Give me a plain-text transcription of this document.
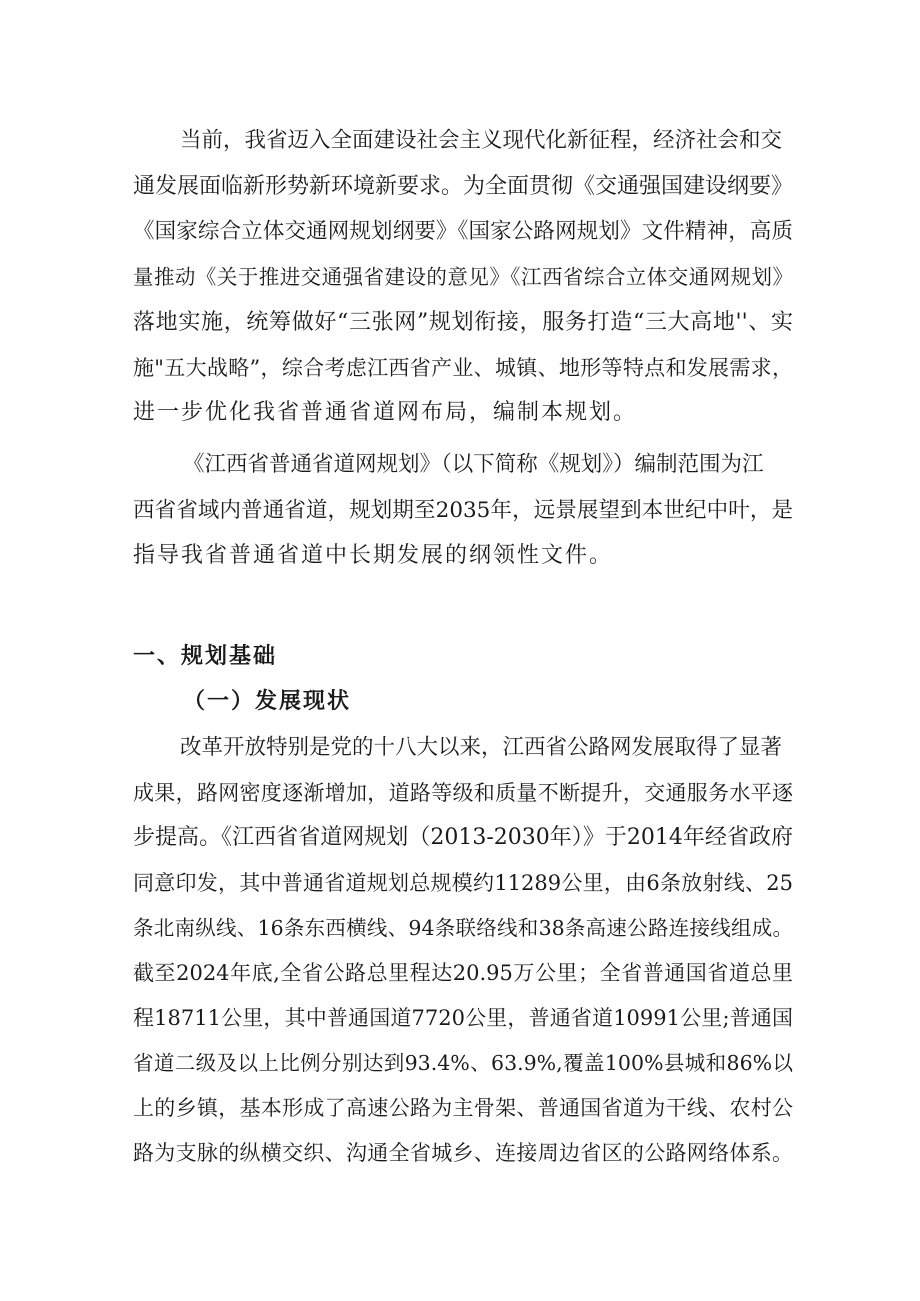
当前，我省迈入全面建设社会主义现代化新征程，经济社会和交
通发展面临新形势新环境新要求。为全面贯彻《交通强国建设纲要》
《国家综合立体交通网规划纲要》《国家公路网规划》文件精神，高质
量推动《关于推进交通强省建设的意见》《江西省综合立体交通网规划》
落地实施，统筹做好“三张网”规划衔接，服务打造“三大高地''、实
施"五大战略”，综合考虑江西省产业、城镇、地形等特点和发展需求，
进一步优化我省普通省道网布局，编制本规划。
《江西省普通省道网规划》（以下简称《规划》）编制范围为江
西省省域内普通省道，规划期至2035年，远景展望到本世纪中叶，是
指导我省普通省道中长期发展的纲领性文件。
一、规划基础
（一）发展现状
改革开放特别是党的十八大以来，江西省公路网发展取得了显著
成果，路网密度逐渐增加，道路等级和质量不断提升，交通服务水平逐
步提高。《江西省省道网规划（2013-2030年）》于2014年经省政府
同意印发，其中普通省道规划总规模约11289公里，由6条放射线、25
条北南纵线、16条东西横线、94条联络线和38条高速公路连接线组成。
截至2024年底,全省公路总里程达20.95万公里；全省普通国省道总里
程18711公里，其中普通国道7720公里，普通省道10991公里;普通国
省道二级及以上比例分别达到93.4%、63.9%,覆盖100%县城和86%以
上的乡镇，基本形成了高速公路为主骨架、普通国省道为干线、农村公
路为支脉的纵横交织、沟通全省城乡、连接周边省区的公路网络体系。
